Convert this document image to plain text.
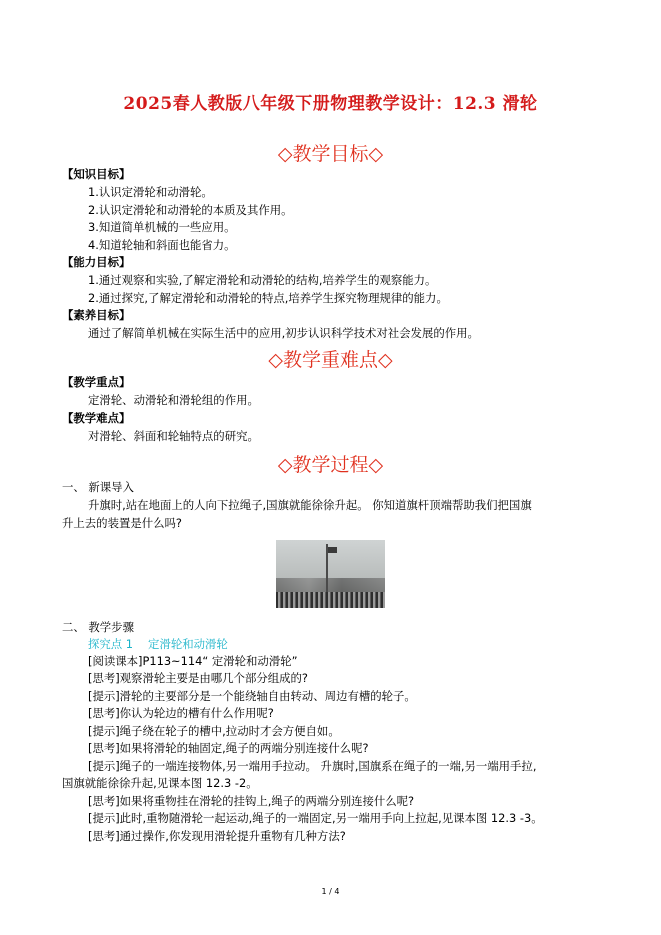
2025春人教版八年级下册物理教学设计：12.3 滑轮
◇教学目标◇
【知识目标】
1.认识定滑轮和动滑轮。
2.认识定滑轮和动滑轮的本质及其作用。
3.知道简单机械的一些应用。
4.知道轮轴和斜面也能省力。
【能力目标】
1.通过观察和实验,了解定滑轮和动滑轮的结构,培养学生的观察能力。
2.通过探究,了解定滑轮和动滑轮的特点,培养学生探究物理规律的能力。
【素养目标】
通过了解简单机械在实际生活中的应用,初步认识科学技术对社会发展的作用。
◇教学重难点◇
【教学重点】
定滑轮、动滑轮和滑轮组的作用。
【教学难点】
对滑轮、斜面和轮轴特点的研究。
◇教学过程◇
一、 新课导入
升旗时,站在地面上的人向下拉绳子,国旗就能徐徐升起。 你知道旗杆顶端帮助我们把国旗
升上去的装置是什么吗?
二、 教学步骤
探究点 1　 定滑轮和动滑轮
[阅读课本]P113~114“ 定滑轮和动滑轮”
[思考]观察滑轮主要是由哪几个部分组成的?
[提示]滑轮的主要部分是一个能绕轴自由转动、周边有槽的轮子。
[思考]你认为轮边的槽有什么作用呢?
[提示]绳子绕在轮子的槽中,拉动时才会方便自如。
[思考]如果将滑轮的轴固定,绳子的两端分别连接什么呢?
[提示]绳子的一端连接物体,另一端用手拉动。 升旗时,国旗系在绳子的一端,另一端用手拉,
国旗就能徐徐升起,见课本图 12.3 -2。
[思考]如果将重物挂在滑轮的挂钩上,绳子的两端分别连接什么呢?
[提示]此时,重物随滑轮一起运动,绳子的一端固定,另一端用手向上拉起,见课本图 12.3 -3。
[思考]通过操作,你发现用滑轮提升重物有几种方法?
1 / 4
